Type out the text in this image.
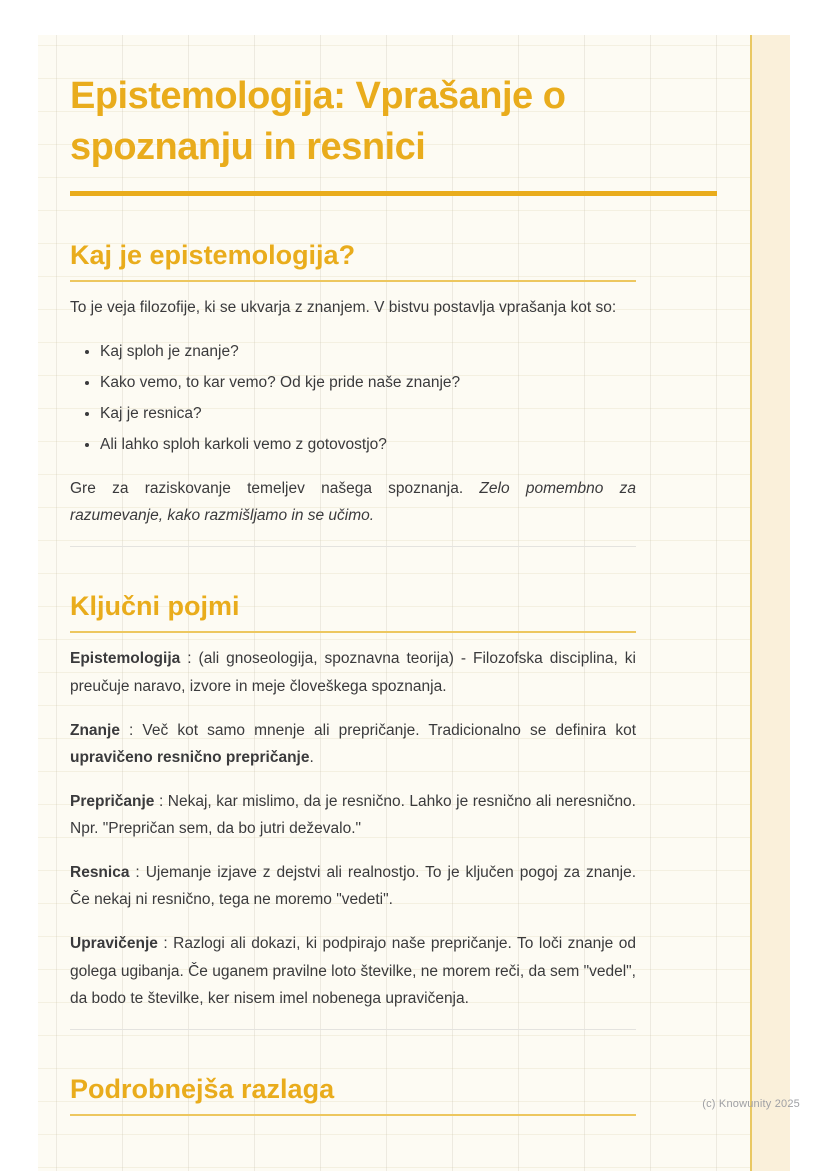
Epistemologija: Vprašanje o spoznanju in resnici
Kaj je epistemologija?

To je veja filozofije, ki se ukvarja z znanjem. V bistvu postavlja vprašanja kot so:

• Kaj sploh je znanje?
• Kako vemo, to kar vemo? Od kje pride naše znanje?
• Kaj je resnica?
• Ali lahko sploh karkoli vemo z gotovostjo?

Gre za raziskovanje temeljev našega spoznanja. Zelo pomembno za razumevanje, kako razmišljamo in se učimo.

Ključni pojmi

Epistemologija : (ali gnoseologija, spoznavna teorija) - Filozofska disciplina, ki preučuje naravo, izvore in meje človeškega spoznanja.

Znanje : Več kot samo mnenje ali prepričanje. Tradicionalno se definira kot upravičeno resnično prepričanje.

Prepričanje : Nekaj, kar mislimo, da je resnično. Lahko je resnično ali neresnično. Npr. "Prepričan sem, da bo jutri deževalo."

Resnica : Ujemanje izjave z dejstvi ali realnostjo. To je ključen pogoj za znanje. Če nekaj ni resnično, tega ne moremo "vedeti".

Upravičenje : Razlogi ali dokazi, ki podpirajo naše prepričanje. To loči znanje od golega ugibanja. Če uganem pravilne loto številke, ne morem reči, da sem "vedel", da bodo te številke, ker nisem imel nobenega upravičenja.

Podrobnejša razlaga
(c) Knowunity 2025
